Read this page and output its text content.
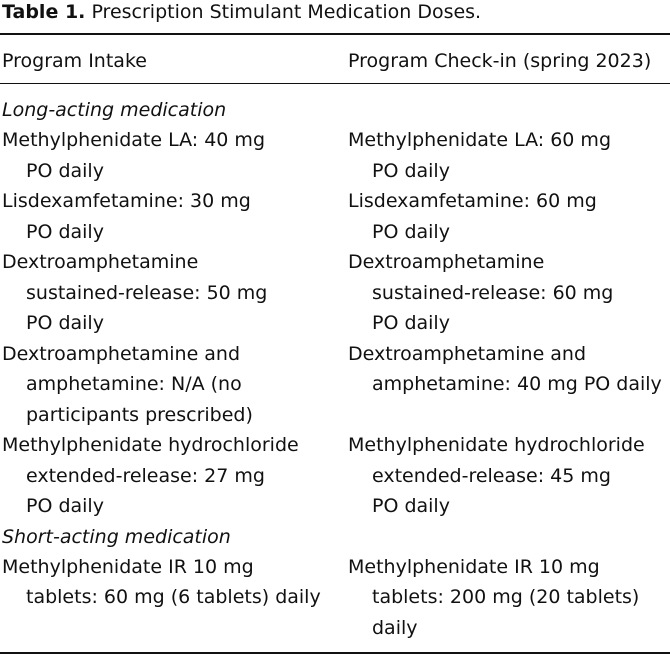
Table 1. Prescription Stimulant Medication Doses.
Program Intake	Program Check-in (spring 2023)
Long-acting medication
Methylphenidate LA: 40 mg
PO daily
Methylphenidate LA: 60 mg
PO daily
Lisdexamfetamine: 30 mg
PO daily
Lisdexamfetamine: 60 mg
PO daily
Dextroamphetamine
sustained-release: 50 mg
PO daily
Dextroamphetamine
sustained-release: 60 mg
PO daily
Dextroamphetamine and
amphetamine: N/A (no
participants prescribed)
Dextroamphetamine and
amphetamine: 40 mg PO daily
Methylphenidate hydrochloride
extended-release: 27 mg
PO daily
Methylphenidate hydrochloride
extended-release: 45 mg
PO daily
Short-acting medication
Methylphenidate IR 10 mg
tablets: 60 mg (6 tablets) daily
Methylphenidate IR 10 mg
tablets: 200 mg (20 tablets)
daily
